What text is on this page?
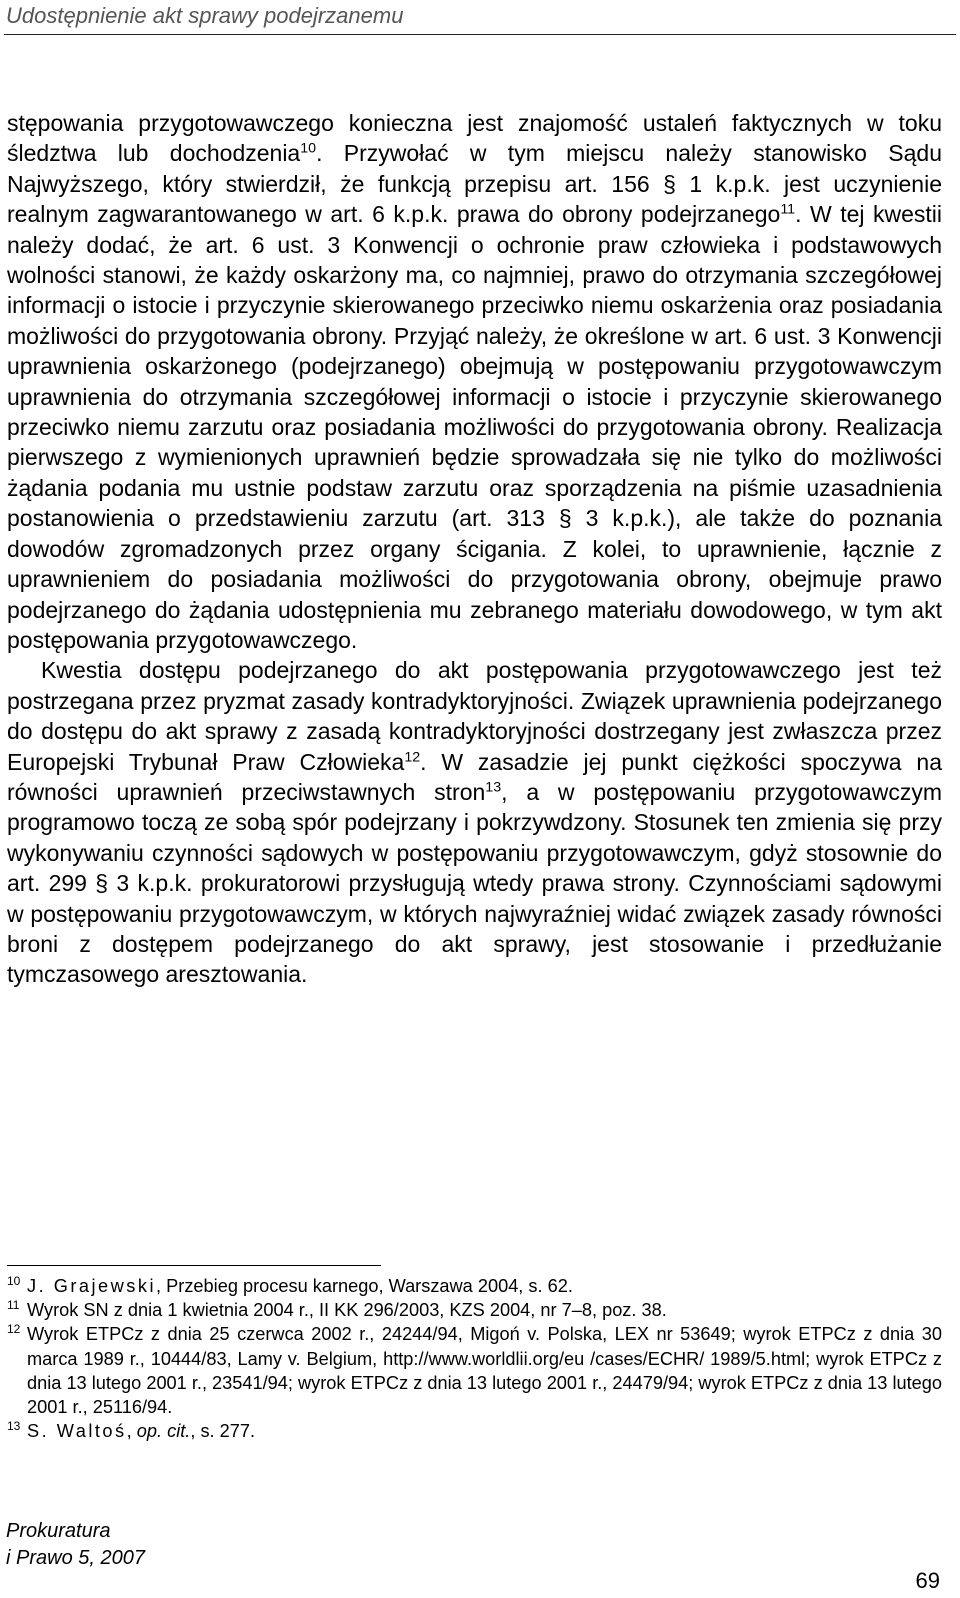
Udostępnienie akt sprawy podejrzanemu

stępowania przygotowawczego konieczna jest znajomość ustaleń faktycznych w toku śledztwa lub dochodzenia$^{10}$. Przywołać w tym miejscu należy stanowisko Sądu Najwyższego, który stwierdził, że funkcją przepisu art. 156 § 1 k.p.k. jest uczynienie realnym zagwarantowanego w art. 6 k.p.k. prawa do obrony podejrzanego$^{11}$. W tej kwestii należy dodać, że art. 6 ust. 3 Konwencji o ochronie praw człowieka i podstawowych wolności stanowi, że każdy oskarżony ma, co najmniej, prawo do otrzymania szczegółowej informacji o istocie i przyczynie skierowanego przeciwko niemu oskarżenia oraz posiadania możliwości do przygotowania obrony. Przyjąć należy, że określone w art. 6 ust. 3 Konwencji uprawnienia oskarżonego (podejrzanego) obejmują w postępowaniu przygotowawczym uprawnienia do otrzymania szczegółowej informacji o istocie i przyczynie skierowanego przeciwko niemu zarzutu oraz posiadania możliwości do przygotowania obrony. Realizacja pierwszego z wymienionych uprawnień będzie sprowadzała się nie tylko do możliwości żądania podania mu ustnie podstaw zarzutu oraz sporządzenia na piśmie uzasadnienia postanowienia o przedstawieniu zarzutu (art. 313 § 3 k.p.k.), ale także do poznania dowodów zgromadzonych przez organy ścigania. Z kolei, to uprawnienie, łącznie z uprawnieniem do posiadania możliwości do przygotowania obrony, obejmuje prawo podejrzanego do żądania udostępnienia mu zebranego materiału dowodowego, w tym akt postępowania przygotowawczego.

Kwestia dostępu podejrzanego do akt postępowania przygotowawczego jest też postrzegana przez pryzmat zasady kontradyktoryjności. Związek uprawnienia podejrzanego do dostępu do akt sprawy z zasadą kontradyktoryjności dostrzegany jest zwłaszcza przez Europejski Trybunał Praw Człowieka$^{12}$. W zasadzie jej punkt ciężkości spoczywa na równości uprawnień przeciwstawnych stron$^{13}$, a w postępowaniu przygotowawczym programowo toczą ze sobą spór podejrzany i pokrzywdzony. Stosunek ten zmienia się przy wykonywaniu czynności sądowych w postępowaniu przygotowawczym, gdyż stosownie do art. 299 § 3 k.p.k. prokuratorowi przysługują wtedy prawa strony. Czynnościami sądowymi w postępowaniu przygotowawczym, w których najwyraźniej widać związek zasady równości broni z dostępem podejrzanego do akt sprawy, jest stosowanie i przedłużanie tymczasowego aresztowania.

10 J. Grajewski, Przebieg procesu karnego, Warszawa 2004, s. 62.
11 Wyrok SN z dnia 1 kwietnia 2004 r., II KK 296/2003, KZS 2004, nr 7–8, poz. 38.
12 Wyrok ETPCz z dnia 25 czerwca 2002 r., 24244/94, Migoń v. Polska, LEX nr 53649; wyrok ETPCz z dnia 30 marca 1989 r., 10444/83, Lamy v. Belgium, http://www.worldlii.org/eu /cases/ECHR/ 1989/5.html; wyrok ETPCz z dnia 13 lutego 2001 r., 23541/94; wyrok ETPCz z dnia 13 lutego 2001 r., 24479/94; wyrok ETPCz z dnia 13 lutego 2001 r., 25116/94.
13 S. Waltoś, op. cit., s. 277.
Prokuratura
i Prawo 5, 2007
69
